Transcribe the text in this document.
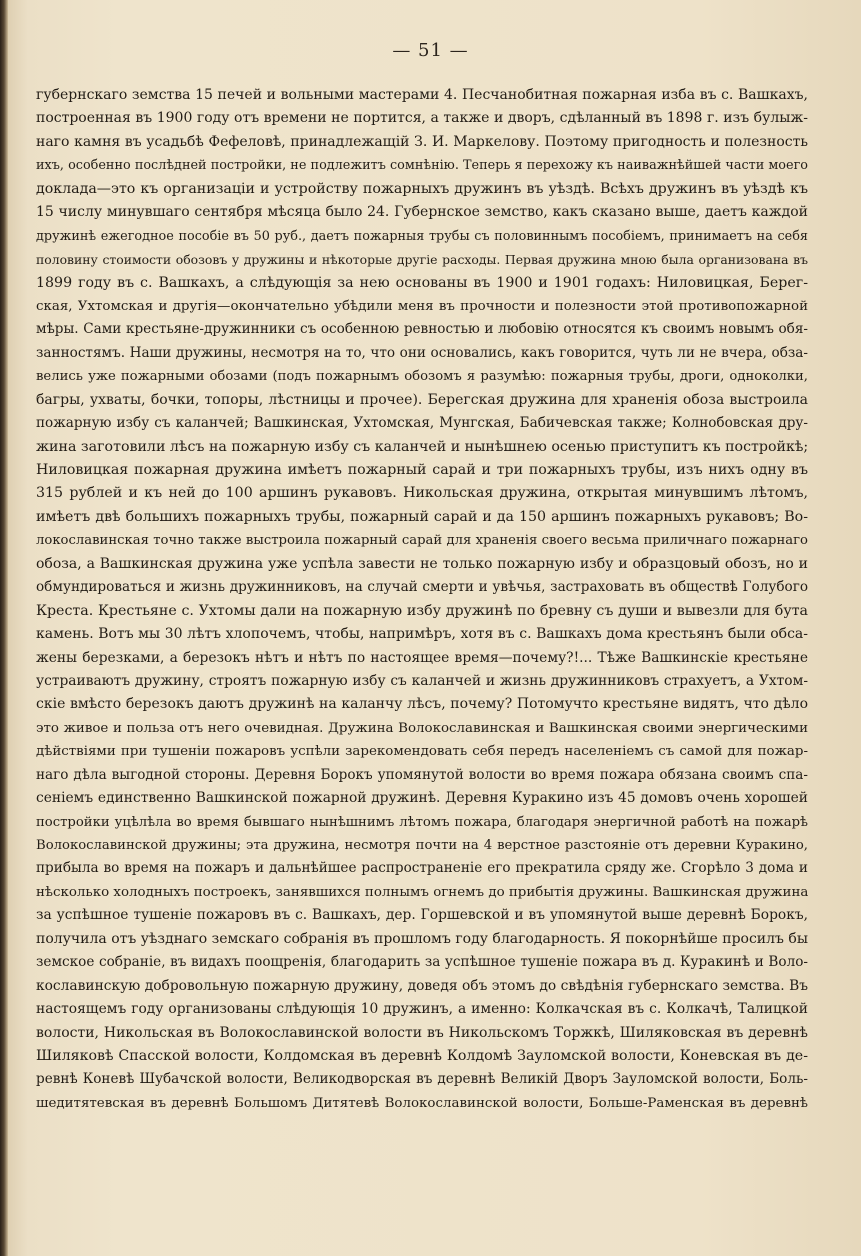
— 51 —
губернскаго земства 15 печей и вольными мастерами 4. Песчанобитная пожарная изба въ с. Вашкахъ,
построенная въ 1900 году отъ времени не портится, а также и дворъ, сдѣланный въ 1898 г. изъ булыж-
наго камня въ усадьбѣ Фефеловѣ, принадлежащій З. И. Маркелову. Поэтому пригодность и полезность
ихъ, особенно послѣдней постройки, не подлежитъ сомнѣнію. Теперь я перехожу къ наиважнѣйшей части моего
доклада—это къ организаціи и устройству пожарныхъ дружинъ въ уѣздѣ. Всѣхъ дружинъ въ уѣздѣ къ
15 числу минувшаго сентября мѣсяца было 24. Губернское земство, какъ сказано выше, даетъ каждой
дружинѣ ежегодное пособіе въ 50 руб., даетъ пожарныя трубы съ половиннымъ пособіемъ, принимаетъ на себя
половину стоимости обозовъ у дружины и нѣкоторые другіе расходы. Первая дружина мною была организована въ
1899 году въ с. Вашкахъ, а слѣдующія за нею основаны въ 1900 и 1901 годахъ: Ниловицкая, Берег-
ская, Ухтомская и другія—окончательно убѣдили меня въ прочности и полезности этой противопожарной
мѣры. Сами крестьяне-дружинники съ особенною ревностью и любовію относятся къ своимъ новымъ обя-
занностямъ. Наши дружины, несмотря на то, что они основались, какъ говорится, чуть ли не вчера, обза-
велись уже пожарными обозами (подъ пожарнымъ обозомъ я разумѣю: пожарныя трубы, дроги, одноколки,
багры, ухваты, бочки, топоры, лѣстницы и прочее). Берегская дружина для храненія обоза выстроила
пожарную избу съ каланчей; Вашкинская, Ухтомская, Мунгская, Бабичевская также; Колнобовская дру-
жина заготовили лѣсъ на пожарную избу съ каланчей и нынѣшнею осенью приступитъ къ постройкѣ;
Ниловицкая пожарная дружина имѣетъ пожарный сарай и три пожарныхъ трубы, изъ нихъ одну въ
315 рублей и къ ней до 100 аршинъ рукавовъ. Никольская дружина, открытая минувшимъ лѣтомъ,
имѣетъ двѣ большихъ пожарныхъ трубы, пожарный сарай и да 150 аршинъ пожарныхъ рукавовъ; Во-
локославинская точно также выстроила пожарный сарай для храненія своего весьма приличнаго пожарнаго
обоза, а Вашкинская дружина уже успѣла завести не только пожарную избу и образцовый обозъ, но и
обмундироваться и жизнь дружинниковъ, на случай смерти и увѣчья, застраховать въ обществѣ Голубого
Креста. Крестьяне с. Ухтомы дали на пожарную избу дружинѣ по бревну съ души и вывезли для бута
камень. Вотъ мы 30 лѣтъ хлопочемъ, чтобы, напримѣръ, хотя въ с. Вашкахъ дома крестьянъ были обса-
жены березками, а березокъ нѣтъ и нѣтъ по настоящее время—почему?!... Тѣже Вашкинскіе крестьяне
устраиваютъ дружину, строятъ пожарную избу съ каланчей и жизнь дружинниковъ страхуетъ, а Ухтом-
скіе вмѣсто березокъ даютъ дружинѣ на каланчу лѣсъ, почему? Потомучто крестьяне видятъ, что дѣло
это живое и польза отъ него очевидная. Дружина Волокославинская и Вашкинская своими энергическими
дѣйствіями при тушеніи пожаровъ успѣли зарекомендовать себя передъ населеніемъ съ самой для пожар-
наго дѣла выгодной стороны. Деревня Борокъ упомянутой волости во время пожара обязана своимъ спа-
сеніемъ единственно Вашкинской пожарной дружинѣ. Деревня Куракино изъ 45 домовъ очень хорошей
постройки уцѣлѣла во время бывшаго нынѣшнимъ лѣтомъ пожара, благодаря энергичной работѣ на пожарѣ
Волокославинской дружины; эта дружина, несмотря почти на 4 верстное разстояніе отъ деревни Куракино,
прибыла во время на пожаръ и дальнѣйшее распространеніе его прекратила сряду же. Сгорѣло 3 дома и
нѣсколько холодныхъ построекъ, занявшихся полнымъ огнемъ до прибытія дружины. Вашкинская дружина
за успѣшное тушеніе пожаровъ въ с. Вашкахъ, дер. Горшевской и въ упомянутой выше деревнѣ Борокъ,
получила отъ уѣзднаго земскаго собранія въ прошломъ году благодарность. Я покорнѣйше просилъ бы
земское собраніе, въ видахъ поощренія, благодарить за успѣшное тушеніе пожара въ д. Куракинѣ и Воло-
кославинскую добровольную пожарную дружину, доведя объ этомъ до свѣдѣнія губернскаго земства. Въ
настоящемъ году организованы слѣдующія 10 дружинъ, а именно: Колкачская въ с. Колкачѣ, Талицкой
волости, Никольская въ Волокославинской волости въ Никольскомъ Торжкѣ, Шиляковская въ деревнѣ
Шиляковѣ Спасской волости, Колдомская въ деревнѣ Колдомѣ Зауломской волости, Коневская въ де-
ревнѣ Коневѣ Шубачской волости, Великодворская въ деревнѣ Великій Дворъ Зауломской волости, Боль-
шедитятевская въ деревнѣ Большомъ Дитятевѣ Волокославинской волости, Больше-Раменская въ деревнѣ
